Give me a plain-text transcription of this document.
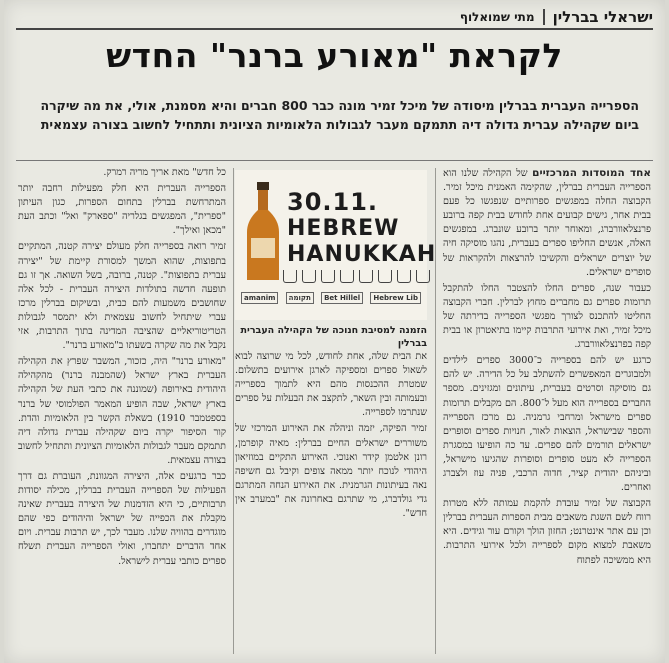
ישראלי בברלין
מתי שמואלוף
לקראת "מאורע ברנר" החדש
הספרייה העברית בברלין מיסודה של מיכל זמיר מונה כבר 800 חברים והיא מסמנת, אולי, את מה שיקרה ביום שקהילה עברית גדולה דיה תתמקם מעבר לגבולות הלאומיות הציונית ותתחיל לחשוב בצורה עצמאית

אחד המוסדות המרכזיים של הקהילה שלנו הוא הספרייה העברית בברלין, שהקימה האמנית מיכל זמיר. הקבוצה החלה במפגשים ספרותיים שנפגשו כל פעם בבית אחר, גישים קבועים אחת לחודש בבית קפה ברובע פרנצלאוורברג, ומאוחר יותר ברובע שונברג. במפגשים האלה, אנשים החליפו ספרים בעברית, נהגו מוסיקה חיה של יוצרים ישראלים והקשיבו להרצאות ולהקראות של סופרים ישראלים.

כעבור שנה, ספרים החלו להצטבר החלו להתקבל תרומות ספרים גם מחברים מחוץ לברלין. חברי הקבוצה החליטו להתכנס לצורך מפגשי הספרייה בדירתה של מיכל זמיר, ואת אירועי התרבות קיימו בתיאטרון או בבית קפה בפרנצלאוורברג.

כרגע יש להם בספרייה כ־3000 ספרים לילדים ולמבוגרים המאפשרים להשתלב על כל הדירה. יש להם גם מוסיקה וסרטים בעברית, עיתונים ומגזינים. מספר החברים בספרייה הוא מעל ל־800. הם מקבלים תרומות ספרים מישראל ומרחבי גרמניה. גם מרכז הספרייה והספר שבישראל, הוצאות לאור, חנויות ספרים וסופרים ישראלים תורמים להם ספרים. עד כה הופיעו במסגרת הספרייה לא מעט סופרים וסופרות שהגיעו מישראל, וביניהם יהודית קציר, חדוה הרכבי, פניה עוז ולצברג ואחרים.

הקבוצה של זמיר עובדת להקמת עמותה ללא מטרות רווח לשם השגת משאבים מבית הספרות העברית בברלין וכן עם אתר אינטרנט; החזון הולך וקורם עור וגידים. היא משאבת למצוא מקום לספרייה ולכל אירועי התרבות. היא ממשיכה לפתוח

30.11.
HEBREW
HANUKKAH
amanim	תקומה	Bet Hillel	Hebrew Lib
הזמנה למסיבת חנוכה של הקהילה העברית בברלין

את הבית שלה, אחת לחודש, לכל מי שרוצה לבוא לשאול ספרים ומספיקה לארגן אירועים בתשלום. שמטרת ההכנסות מהם היא לתמוך בספרייה ובעמותה ובין השאר, לתקצב את הבעלות על ספרים שנתרמו לספרייה.

זמיר הפיקה, יזמה וניהלה את האירוע המרכזי של משוררים ישראלים החיים בברלין: מאיה קופרמן, רונן אלטמן קידר ואנוכי. האירוע התקיים במוזיאון היהודי לנוכח יותר ממאה צופים וקיבל גם חשיפה נאה בעיתונות הגרמנית. את האירוע הנחה המתרגם גדי גולדברג, מי שתרגם באחרונה את "במערב אין חדש".

כל חדש" מאת אריך מריה רמרק.

הספרייה העברית היא חלק מפעילות רחבה יותר המתרחשת בברלין בתחום הספרות, כגון העיתון "ספרית", המפגשים בגלריה "ספארק" ואל" וכתב העת "מכאן ואילך".

זמיר רואה בספרייה חלק מעולם יצירה קטנה, המתקיים בתפוצות, שהוא המשך למסורת קיימת של "יצירה עברית בתפוצות". קטנה, ברובה, בשל השואה. אך זו גם תופעה חדשה בתולדות היצירה העברית - לכל אלה שחושבים משמעות להם כבית, ובשיקום בברלין מרכז עברי שיתחיל לחשוב עצמאית ולא יתמסר לגבולות הטריטוריאליים שהציבה המדינה בתוך התרבות, אזי נקבל את מה שקרה בשעתו ב"מאורע ברנר".

"מאורע ברנר" היה, כזכור, המשבר שפרץ את הקהילה העברית בארץ ישראל (שהמבנה ברנר) מהקהילה היהודית באירופה (שמוננה את כתבי העת של הקהילה בארץ ישראל, שבה הופיע המאמר הפולמוסי של ברנר בספטמבר 1910) בשאלת הקשר בין הלאומיות והדת. קור הסיפור יקרה ביום שקהילה עברית גדולה דיה תתמקם מעבר לגבולות הלאומיות הציונית ותתחיל לחשוב בצורה עצמאית.

כבר ברגעים אלה, היצירה המגוונת, העוברת גם דרך הפעילות של הספרייה העברית בברלין, מכילה יסודות תרבותיים, כי היא הזדמנות של היצירה בעברית שאינה מקבלת את הכפייה של ישראל והיהודים כפי שהם מוגדרים בהוויה שלנו. מעבר לכך, יש תרבות עברית. ויום אחד הדברים יתחברו, ואולי הספרייה העברית תשלח ספרים כותבי עברית לישראל.
